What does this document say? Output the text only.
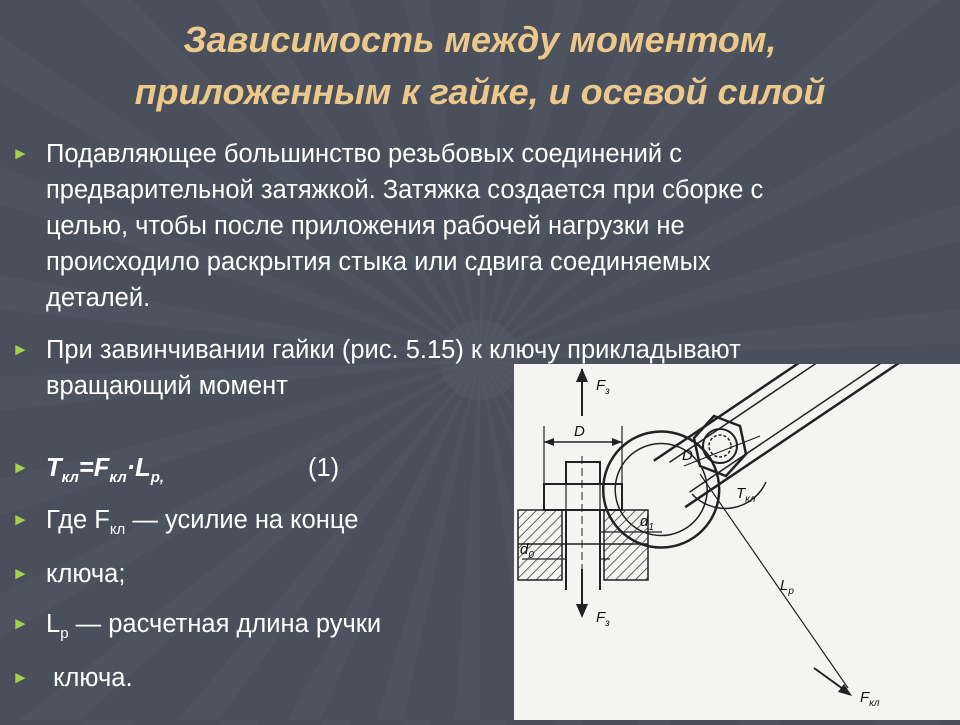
Зависимость между моментом,
приложенным к гайке, и осевой силой
► Подавляющее большинство резьбовых соединений с
предварительной затяжкой. Затяжка создается при сборке с
целью, чтобы после приложения рабочей нагрузки не
происходило раскрытия стыка или сдвига соединяемых
деталей.
► При завинчивании гайки (рис. 5.15) к ключу прикладывают
вращающий момент
► $T_{кл}=F_{кл}\cdot L_{p,}$	(1)
► Где $F_{кл}$ — усилие на конце
► ключа;
► $L_p$ — расчетная длина ручки
► ключа.
$F_з$
$F_з$
D
D
$d_1$
$d_0$
$T_{кл}$
$L_р$
$F_{кл}$
